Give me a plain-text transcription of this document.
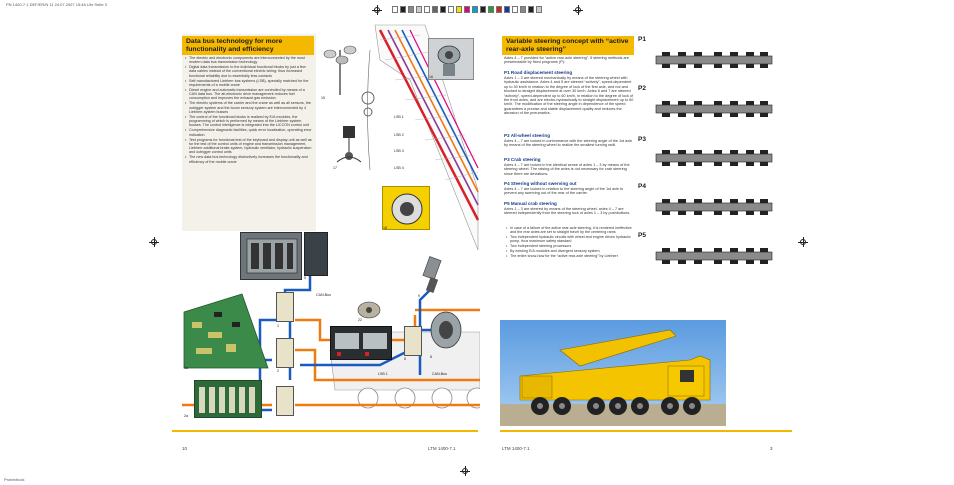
PN 1400-7.1 DEF/ER/N 11 24.07.2007 15:48 Uhr Seite 3
Probedruck
10	LTM 1400-7.1	LTM 1400-7.1	3
Data bus technology for more
functionality and efficiency
• The electric and electronic components are interconnected by the most modern data bus transmission technology
• Digital data transmission to the individual functional blocks by just a few data cables instead of the conventional electric wiring: thus increased functional reliability due to essentially less contacts
• Self-manufactured Liebherr bus systems (LSB), specially matched for the requirements of a mobile crane
• Diesel engine and automatic transmission are controlled by means of a CAN data bus. The all-electronic drive management reduces fuel consumption and improves the exhaust gas emission
• The electric systems of the carrier and the crane as well as all sensors, the outrigger system and the boom sensory system are interconnected by 4 Liebherr-system busses
• The control of the functional blocks is realized by E/A modules, the programming of which is performed by means of the Liebherr system busses. The control intelligence is integrated into the LICCON control unit
• Comprehensive diagnostic facilities, quick error localization, operating error indication
• Test programs for functional test of the keyboard and display unit as well as for the test of the control units of engine and transmission management, Liebherr additional brake system, hydraulic ventilator, hydraulic suspension and outrigger control units
• The new data bus technology distinctively increases the functionality and efficiency of the mobile crane
15
16
17
18
9
22
23	8
1a
2a
1
2
6
5
LSB 1
LSB 2
LSB 3
LSB 4
CAN-Bus
LSB 1	CAN-Bus
Variable steering concept with “active
rear-axle steering”
Axles 4 – 7 provided for “active rear-axle steering”. 5 steering methods are preselectable by fixed programs (P):
P1 Road displacement steering
Axles 1 – 3 are steered mechanically by means of the steering wheel with hydraulic assistance. Axles 4 and 5 are steered “actively”, speed-dependent up to 30 km/h in relation to the degree of lock of the first axle, and not and blocked to straight displacement at over 30 km/h. Axles 6 and 7 are steered “actively”, speed-dependent up to 60 km/h, in relation to the degree of lock of the front axles, and are electro-hydraulically to straight displacement up to 60 km/h. The modification of the steering angle in dependence of the speed guarantees a precise and stable displacement quality and reduces the abrasion of the pneumatics.
P2 All-wheel steering
Axles 4 – 7 are locked in conformance with the steering angle of the 1st axle by means of the steering wheel to realize the smallest turning radii.
P3 Crab steering
Axles 4 – 7 are locked in the identical sense of axles 1 – 3 by means of the steering wheel. The raising of the axles is not necessary for crab steering since there are deviations.
P4 Steering without swerving out
Axles 4 – 7 are locked in relation to the steering angle of the 1st axle to prevent any swerving out of the rear of the carrier.
P5 Manual crab steering
Axles 1 – 3 are steered by means of the steering wheel, axles 4 – 7 are steered independently from the steering lock of axles 1 – 3 by pushbuttons.
• In case of a failure of the active rear-axle steering, it is rendered ineffective and the rear axles are set to straight travel by the centering rams
• Two independent hydraulic circuits with wheel and engine driven hydraulic pump, thus maximum safety standard
• Two independent steering processors
• By existing E/A modules and divergent sensory system
• The entire know-how for the “active rear-axle steering” by Liebherr
P1
P2
P3
P4
P5
